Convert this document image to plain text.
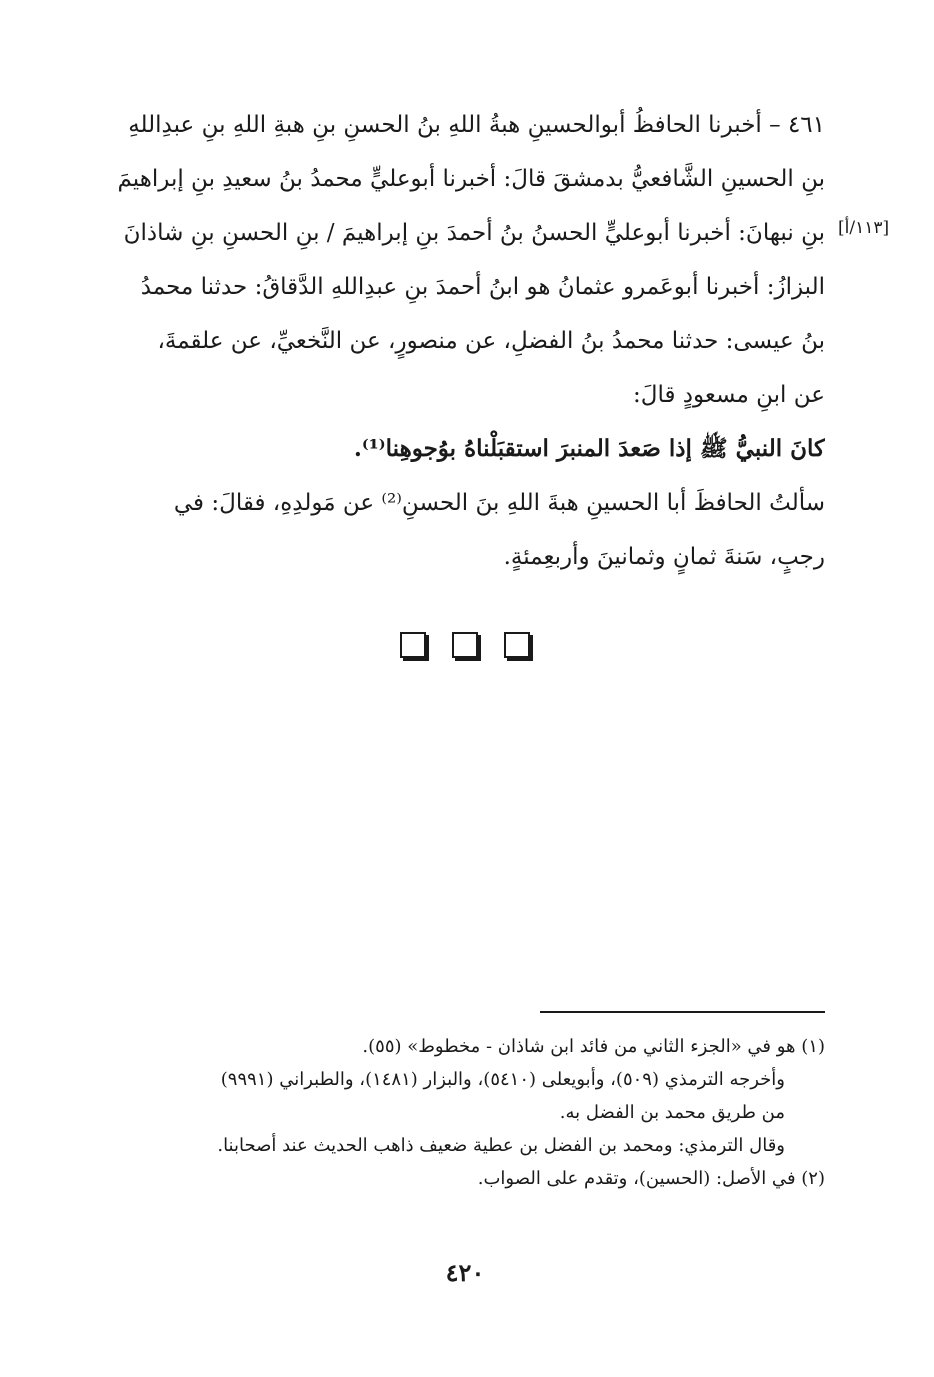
[١١٣/أ]
٤٦١ – أخبرنا الحافظُ أبوالحسينِ هبةُ اللهِ بنُ الحسنِ بنِ هبةِ اللهِ بنِ عبدِاللهِ
بنِ الحسينِ الشَّافعيُّ بدمشقَ قالَ: أخبرنا أبوعليٍّ محمدُ بنُ سعيدِ بنِ إبراهيمَ
بنِ نبهانَ: أخبرنا أبوعليٍّ الحسنُ بنُ أحمدَ بنِ إبراهيمَ / بنِ الحسنِ بنِ شاذانَ
البزازُ: أخبرنا أبوعَمرو عثمانُ هو ابنُ أحمدَ بنِ عبدِاللهِ الدَّقاقُ: حدثنا محمدُ
بنُ عيسى: حدثنا محمدُ بنُ الفضلِ، عن منصورٍ، عن النَّخعيِّ، عن علقمةَ،
عن ابنِ مسعودٍ قالَ:
كانَ النبيُّ ﷺ إذا صَعدَ المنبرَ استقبَلْناهُ بوُجوهِنا⁽¹⁾.
سألتُ الحافظَ أبا الحسينِ هبةَ اللهِ بنَ الحسنِ⁽²⁾ عن مَولدِهِ، فقالَ: في
رجبٍ، سَنةَ ثمانٍ وثمانينَ وأربعِمئةٍ.
(١) هو في «الجزء الثاني من فائد ابن شاذان - مخطوط» (٥٥).
وأخرجه الترمذي (٥٠٩)، وأبويعلى (٥٤١٠)، والبزار (١٤٨١)، والطبراني (٩٩٩١)
من طريق محمد بن الفضل به.
وقال الترمذي: ومحمد بن الفضل بن عطية ضعيف ذاهب الحديث عند أصحابنا.
(٢) في الأصل: (الحسين)، وتقدم على الصواب.
٤٢٠
